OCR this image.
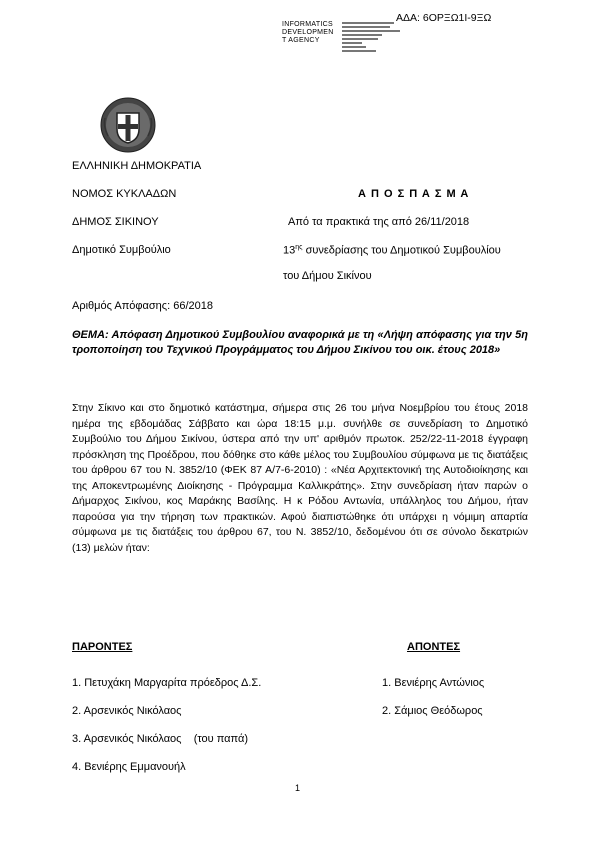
ΑΔΑ: 6ΟΡΞΩ1Ι-9ΞΩ
INFORMATICS
DEVELOPMEN
T AGENCY
ΕΛΛΗΝΙΚΗ ΔΗΜΟΚΡΑΤΙΑ
ΝΟΜΟΣ ΚΥΚΛΑΔΩΝ
ΔΗΜΟΣ ΣΙΚΙΝΟΥ
Δημοτικό Συμβούλιο
Αριθμός Απόφασης: 66/2018
Α Π Ο Σ Π Α Σ Μ Α
Από τα πρακτικά της από 26/11/2018
$13^{\eta\varsigma}$ συνεδρίασης του Δημοτικού Συμβουλίου
του Δήμου Σικίνου
ΘΕΜΑ: Απόφαση Δημοτικού Συμβουλίου αναφορικά με τη «Λήψη απόφασης για την 5η τροποποίηση του Τεχνικού Προγράμματος του Δήμου Σικίνου του οικ. έτους 2018»
Στην Σίκινο και στο δημοτικό κατάστημα, σήμερα στις 26 του μήνα Νοεμβρίου του έτους 2018 ημέρα της εβδομάδας Σάββατο και ώρα 18:15 μ.μ. συνήλθε σε συνεδρίαση το Δημοτικό Συμβούλιο του Δήμου Σικίνου, ύστερα από την υπ' αριθμόν πρωτοκ. 252/22-11-2018 έγγραφη πρόσκληση της Προέδρου, που δόθηκε στο κάθε μέλος του Συμβουλίου σύμφωνα με τις διατάξεις του άρθρου 67 του Ν. 3852/10 (ΦΕΚ 87 Α/7-6-2010) : «Νέα Αρχιτεκτονική της Αυτοδιοίκησης και της Αποκεντρωμένης Διοίκησης - Πρόγραμμα Καλλικράτης». Στην συνεδρίαση ήταν παρών ο Δήμαρχος Σικίνου, κος Μαράκης Βασίλης. Η κ Ρόδου Αντωνία, υπάλληλος του Δήμου, ήταν παρούσα για την τήρηση των πρακτικών. Αφού διαπιστώθηκε ότι υπάρχει η νόμιμη απαρτία σύμφωνα με τις διατάξεις του άρθρου 67, του Ν. 3852/10, δεδομένου ότι σε σύνολο δεκατριών (13) μελών ήταν:
ΠΑΡΟΝΤΕΣ	ΑΠΟΝΤΕΣ
1. Πετυχάκη Μαργαρίτα πρόεδρος Δ.Σ.
2. Αρσενικός Νικόλαος
3. Αρσενικός Νικόλαος    (του παπά)
4. Βενιέρης Εμμανουήλ
1. Βενιέρης Αντώνιος
2. Σάμιος Θεόδωρος
1
